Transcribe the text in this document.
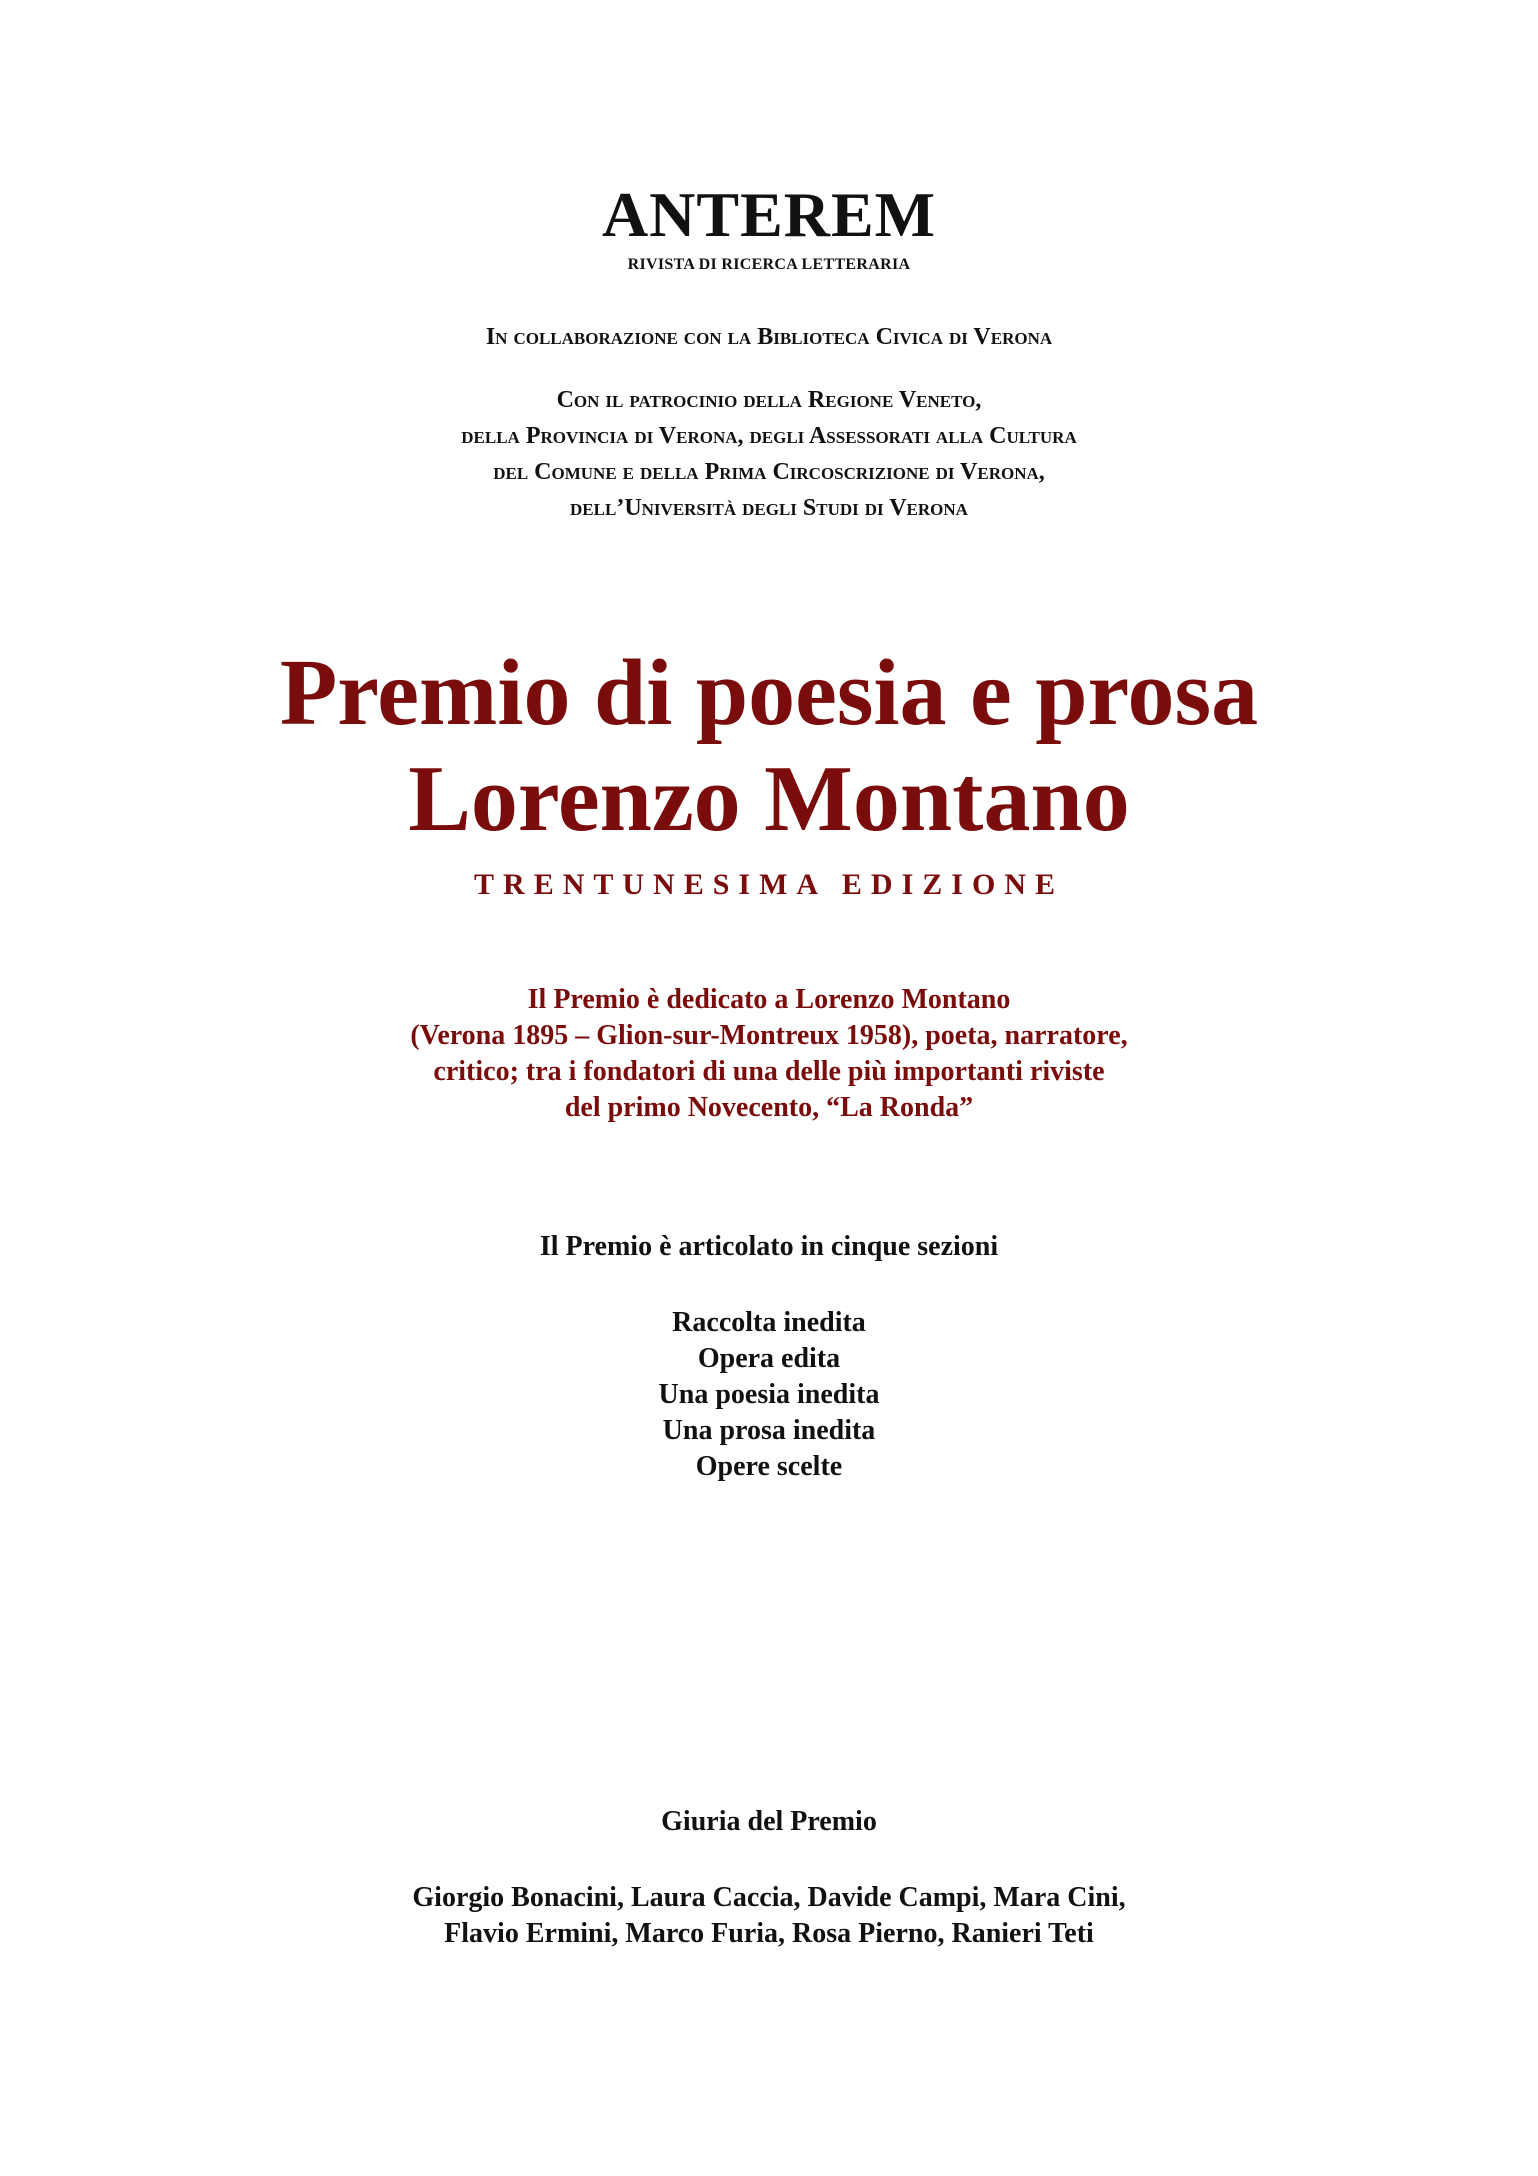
ANTEREM
RIVISTA DI RICERCA LETTERARIA
In collaborazione con la Biblioteca Civica di Verona
Con il patrocinio della Regione Veneto,
della Provincia di Verona, degli Assessorati alla Cultura
del Comune e della Prima Circoscrizione di Verona,
dell’Università degli Studi di Verona
Premio di poesia e prosa
Lorenzo Montano
TRENTUNESIMA EDIZIONE
Il Premio è dedicato a Lorenzo Montano
(Verona 1895 – Glion-sur-Montreux 1958), poeta, narratore,
critico; tra i fondatori di una delle più importanti riviste
del primo Novecento, “La Ronda”
Il Premio è articolato in cinque sezioni
Raccolta inedita
Opera edita
Una poesia inedita
Una prosa inedita
Opere scelte
Giuria del Premio
Giorgio Bonacini, Laura Caccia, Davide Campi, Mara Cini,
Flavio Ermini, Marco Furia, Rosa Pierno, Ranieri Teti
